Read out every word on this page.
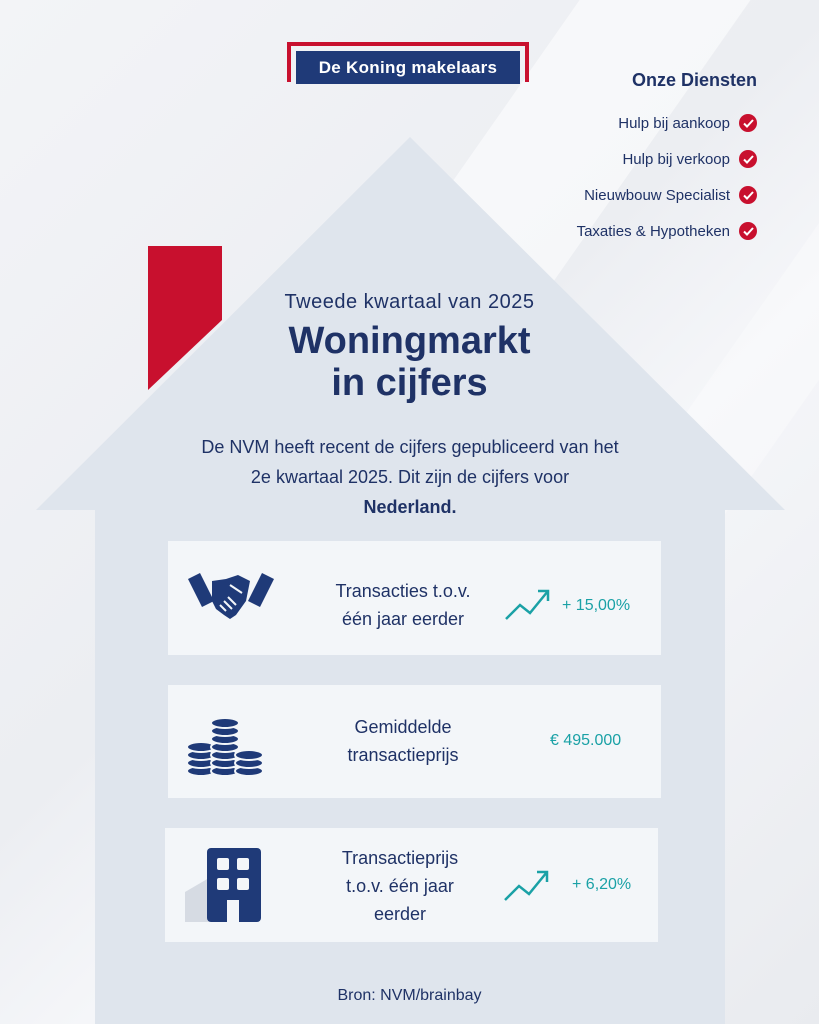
De Koning makelaars
Onze Diensten
Hulp bij aankoop
Hulp bij verkoop
Nieuwbouw Specialist
Taxaties & Hypotheken
Tweede kwartaal van 2025
Woningmarkt
in cijfers
De NVM heeft recent de cijfers gepubliceerd van het
2e kwartaal 2025. Dit zijn de cijfers voor
Nederland.
Transacties t.o.v.
één jaar eerder
+ 15,00%
Gemiddelde
transactieprijs
€ 495.000
Transactieprijs
t.o.v. één jaar
eerder
+ 6,20%
Bron: NVM/brainbay
